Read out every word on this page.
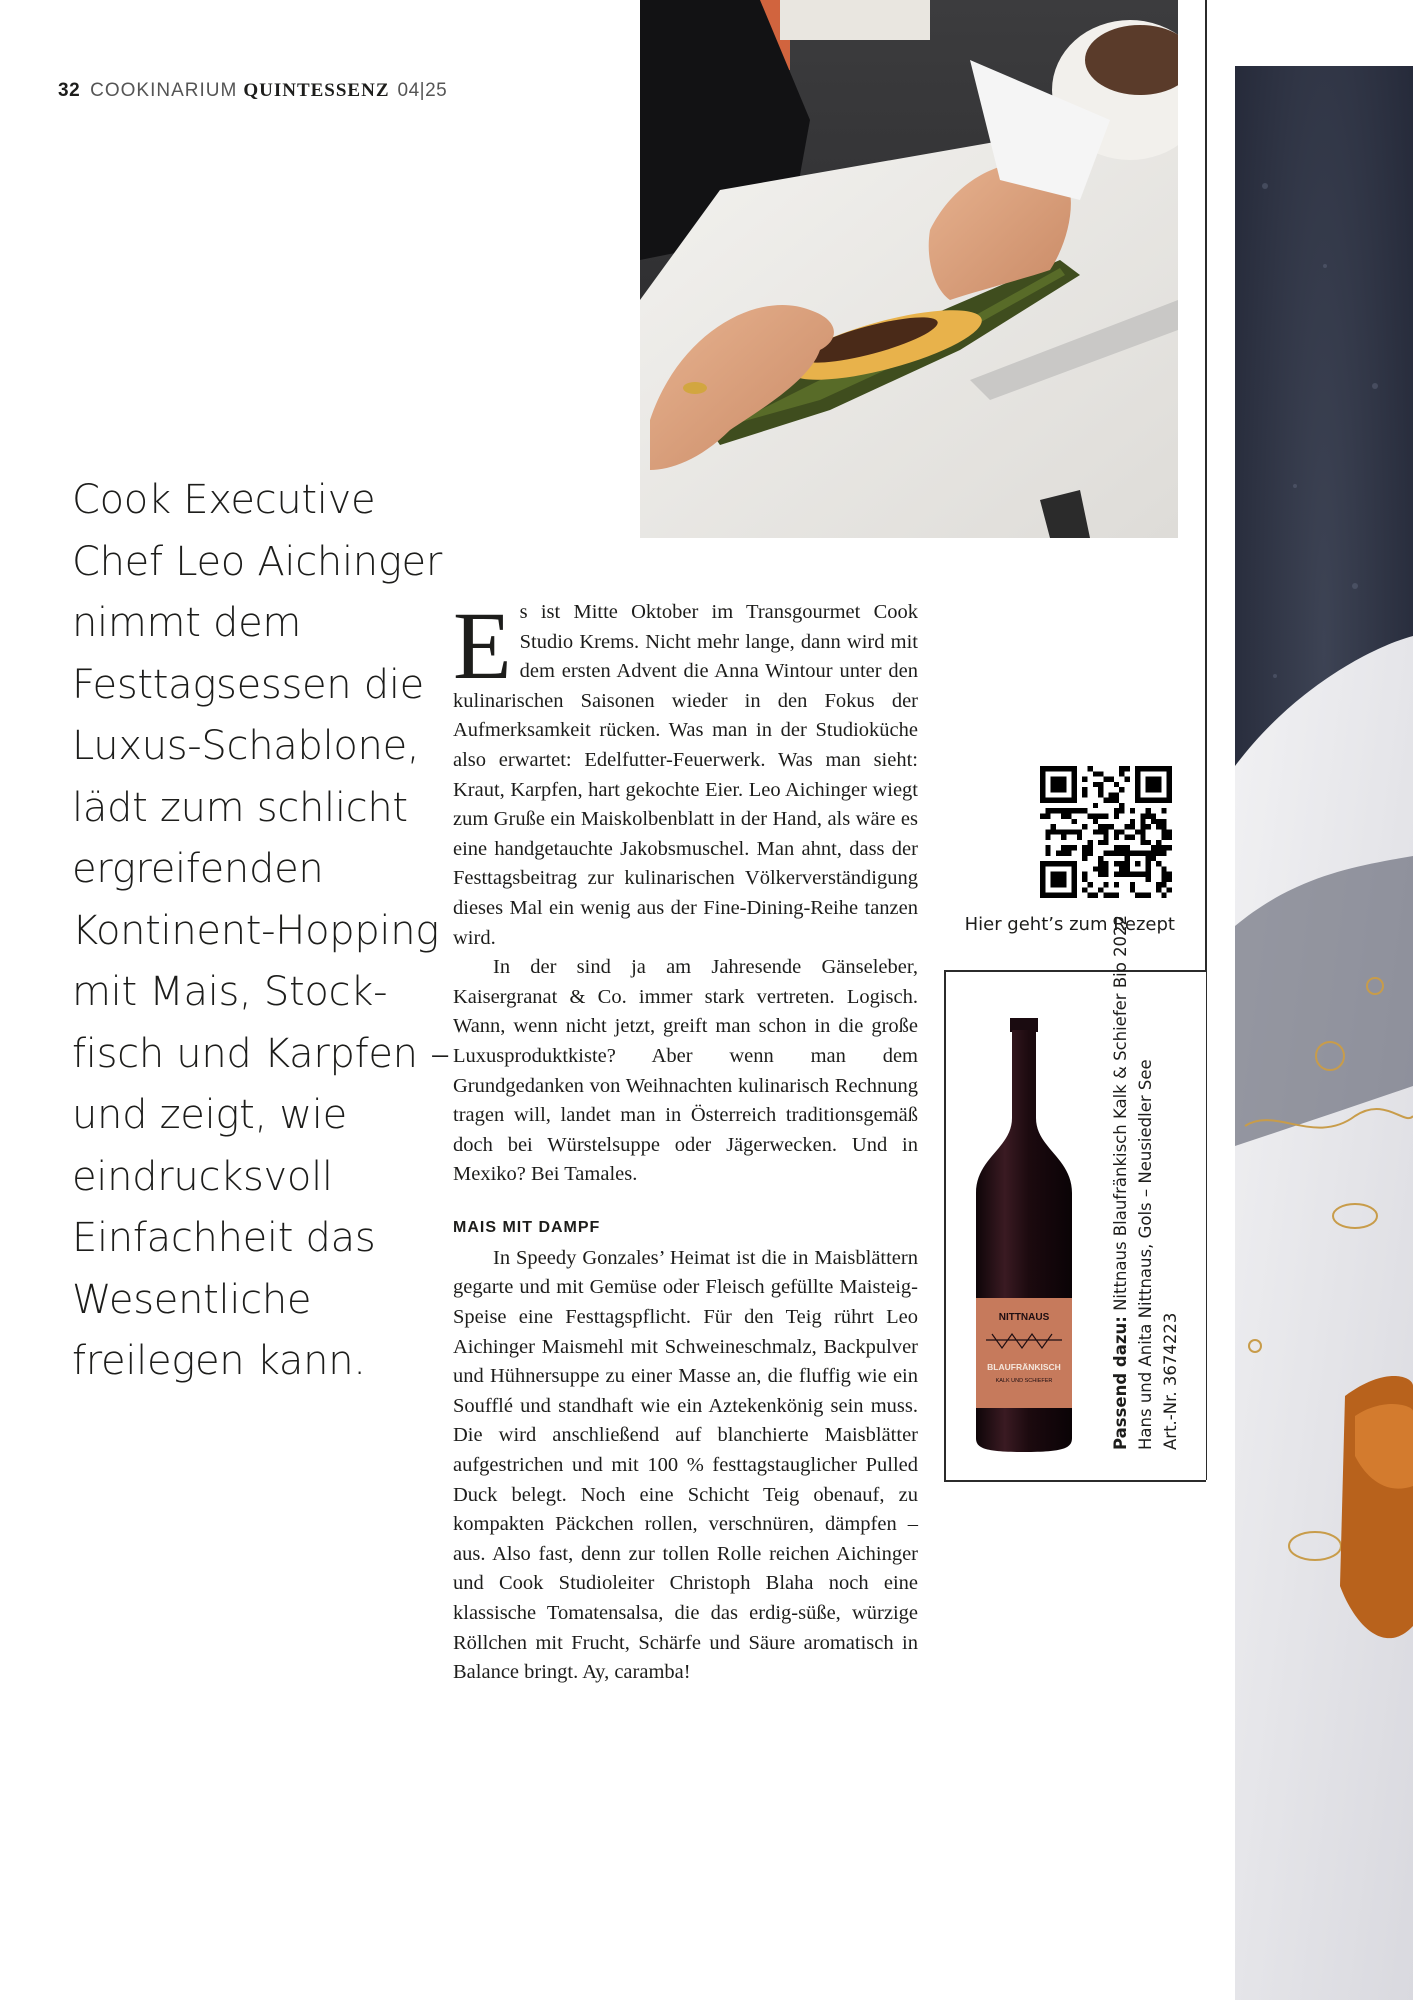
32 COOKINARIUM QUINTESSENZ 04|25
Cook Executive
Chef Leo Aichinger
nimmt dem
Festtagsessen die
Luxus-Schablone,
lädt zum schlicht
ergreifenden
Kontinent-Hopping
mit Mais, Stock-
fisch und Karpfen –
und zeigt, wie
eindrucksvoll
Einfachheit das
Wesentliche
freilegen kann.

Es ist Mitte Oktober im Transgourmet Cook Studio Krems. Nicht mehr lange, dann wird mit dem ersten Advent die Anna Wintour unter den kulinarischen Saisonen wieder in den Fokus der Aufmerksamkeit rücken. Was man in der Studioküche also erwartet: Edelfutter-Feuerwerk. Was man sieht: Kraut, Karpfen, hart gekochte Eier. Leo Aichinger wiegt zum Gruße ein Maiskolbenblatt in der Hand, als wäre es eine handgetauchte Jakobsmuschel. Man ahnt, dass der Festtagsbeitrag zur kulinarischen Völkerverständigung dieses Mal ein wenig aus der Fine-Dining-Reihe tanzen wird.

In der sind ja am Jahresende Gänseleber, Kaisergranat & Co. immer stark vertreten. Logisch. Wann, wenn nicht jetzt, greift man schon in die große Luxusproduktkiste? Aber wenn man dem Grundgedanken von Weihnachten kulinarisch Rechnung tragen will, landet man in Österreich traditionsgemäß doch bei Würstelsuppe oder Jägerwecken. Und in Mexiko? Bei Tamales.

MAIS MIT DAMPF

In Speedy Gonzales’ Heimat ist die in Maisblättern gegarte und mit Gemüse oder Fleisch gefüllte Maisteig-Speise eine Festtagspflicht. Für den Teig rührt Leo Aichinger Maismehl mit Schweineschmalz, Backpulver und Hühnersuppe zu einer Masse an, die fluffig wie ein Soufflé und standhaft wie ein Aztekenkönig sein muss. Die wird anschließend auf blanchierte Maisblätter aufgestrichen und mit 100 % festtagstauglicher Pulled Duck belegt. Noch eine Schicht Teig obenauf, zu kompakten Päckchen rollen, verschnüren, dämpfen – aus. Also fast, denn zur tollen Rolle reichen Aichinger und Cook Studioleiter Christoph Blaha noch eine klassische Tomatensalsa, die das erdig-süße, würzige Röllchen mit Frucht, Schärfe und Säure aromatisch in Balance bringt. Ay, caramba!

Hier geht’s zum Rezept
NITTNAUS
BLAUFRÄNKISCH
KALK UND SCHIEFER	Passend dazu: Nittnaus Blaufränkisch Kalk & Schiefer Bio 2022 Hans und Anita Nittnaus, Gols – Neusiedler See Art.-Nr. 3674223
